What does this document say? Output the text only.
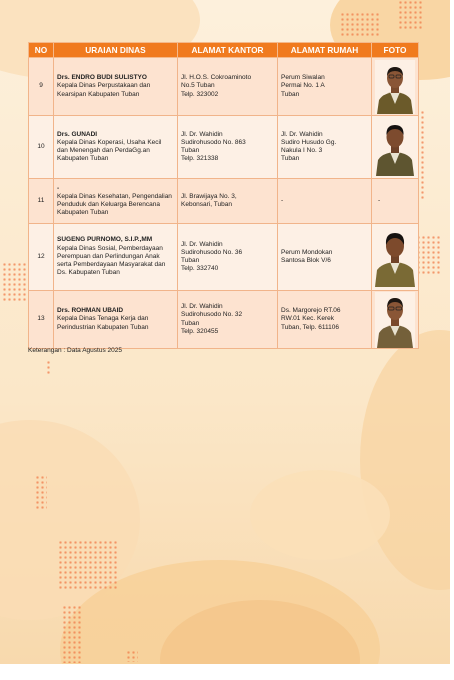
NO	URAIAN DINAS	ALAMAT KANTOR	ALAMAT RUMAH	FOTO
9	Drs. ENDRO BUDI SULISTYO
Kepala Dinas Perpustakaan dan Kearsipan Kabupaten Tuban	Jl. H.O.S. Cokroaminoto
No.5 Tuban
Telp. 323002	Perum Siwalan
Permai No. 1 A
Tuban

10	Drs. GUNADI
Kepala Dinas Koperasi, Usaha Kecil dan Menengah dan PerdaGg.an Kabupaten Tuban	Jl. Dr. Wahidin
Sudirohusodo No. 863
Tuban
Telp. 321338	Jl. Dr. Wahidin
Sudiro Husudo Gg.
Nakula I No. 3
Tuban

11	-
Kepala Dinas Kesehatan, Pengendalian Penduduk dan Keluarga Berencana Kabupaten Tuban	Jl. Brawijaya No. 3,
Kebonsari, Tuban	-	-
12	SUGENG PURNOMO, S.I.P.,MM
Kepala Dinas Sosial, Pemberdayaan Perempuan dan Perlindungan Anak serta Pemberdayaan Masyarakat dan Ds. Kabupaten Tuban	Jl. Dr. Wahidin
Sudirohusodo No. 36
Tuban
Telp. 332740	Perum Mondokan
Santosa Blok V/6

13	Drs. ROHMAN UBAID
Kepala Dinas Tenaga Kerja dan Perindustrian Kabupaten Tuban	Jl. Dr. Wahidin
Sudirohusodo No. 32
Tuban
Telp. 320455	Ds. Margorejo RT.06
RW.01 Kec. Kerek
Tuban, Telp. 611106

Keterangan : Data Agustus 2025
